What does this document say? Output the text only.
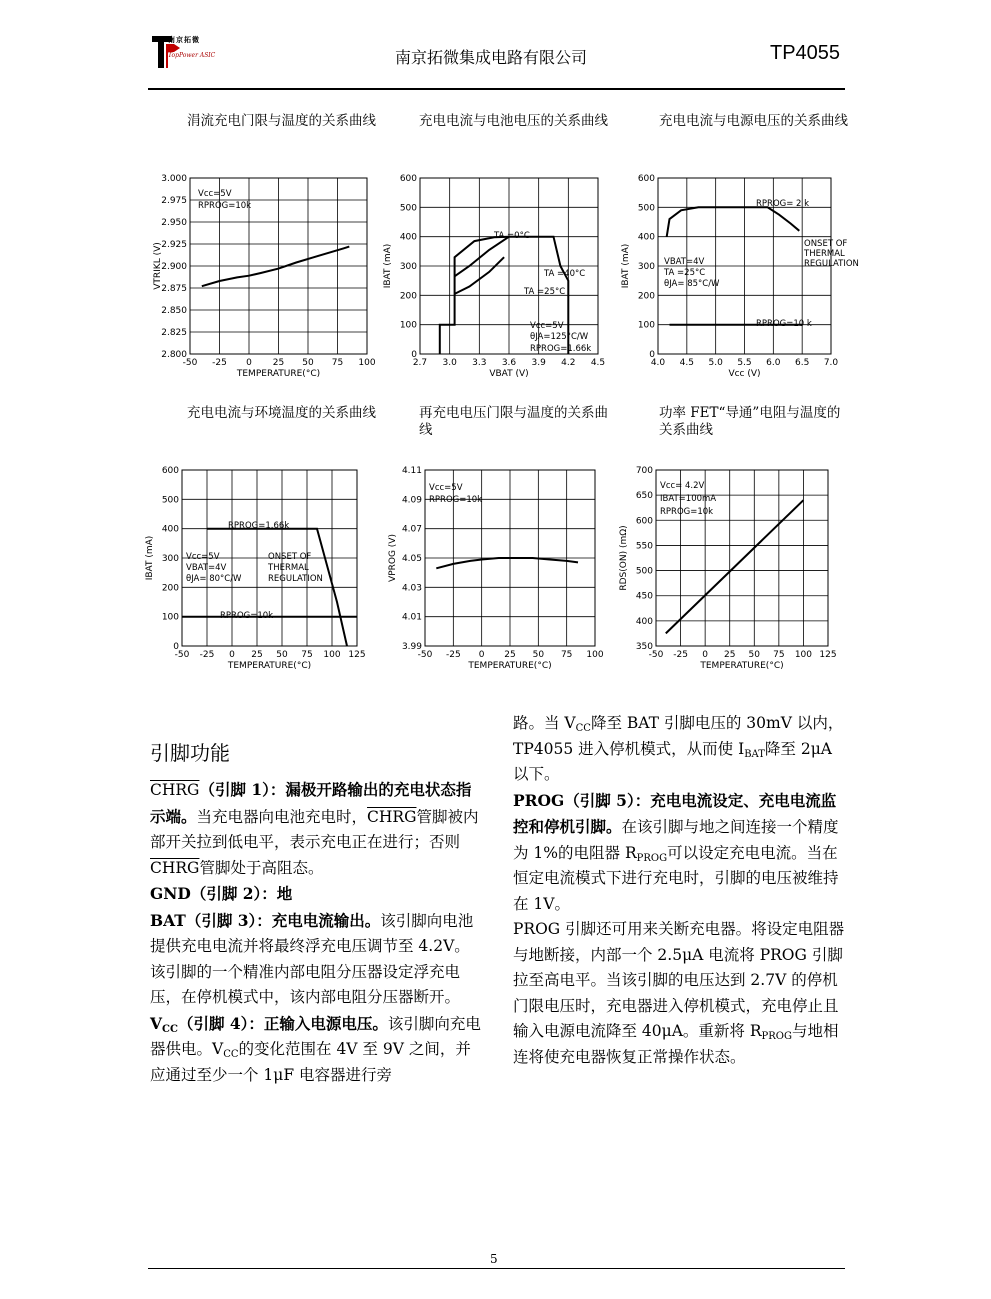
南京拓微
TopPower ASIC	南京拓微集成电路有限公司	TP4055
涓流充电门限与温度的关系曲线	充电电流与电池电压的关系曲线	充电电流与电源电压的关系曲线
充电电流与环境温度的关系曲线	再充电电压门限与温度的关系曲线
功率 FET“导通”电阻与温度的关系曲线
-50 -25 0 25 50 75 100
2.800
2.825
2.850
2.875
2.900
2.925
2.950
2.975
3.000
TEMPERATURE(°C)
VTRIKL (V)
Vcc=5V
RPROG=10k
2.7 3.0 3.3 3.6 3.9 4.2 4.5
0
100
200
300
400
500
600
VBAT (V)
IBAT (mA)
TA =0°C
TA =40°C
TA =25°C
Vcc=5V
θJA=125°C/W
RPROG=1.66k
4.0 4.5 5.0 5.5 6.0 6.5 7.0
0
100
200
300
400
500
600
Vcc (V)
IBAT (mA)
RPROG= 2 k
VBAT=4V
TA =25°C
θJA= 85°C/W
ONSET OF
THERMAL
REGULATION
RPROG=10 k
-50 -25 0 25 50 75 100 125
0
100
200
300
400
500
600
TEMPERATURE(°C)
IBAT (mA)
RPROG=1.66k
Vcc=5V
VBAT=4V
θJA= 80°C/W
ONSET OF
THERMAL
REGULATION
RPROG=10k
-50 -25 0 25 50 75 100
3.99
4.01
4.03
4.05
4.07
4.09
4.11
TEMPERATURE(°C)
VPROG (V)
Vcc=5V
RPROG=10k
-50 -25 0 25 50 75 100 125
350
400
450
500
550
600
650
700
TEMPERATURE(°C)
RDS(ON) (mΩ)
Vcc= 4.2V
IBAT=100mA
RPROG=10k
引脚功能

CHRG（引脚 1）：漏极开路输出的充电状态指示端。当充电器向电池充电时，CHRG管脚被内部开关拉到低电平，表示充电正在进行；否则CHRG管脚处于高阻态。

GND（引脚 2）：地

BAT（引脚 3）：充电电流输出。该引脚向电池提供充电电流并将最终浮充电压调节至 4.2V。该引脚的一个精准内部电阻分压器设定浮充电压，在停机模式中，该内部电阻分压器断开。

$V_{CC}$（引脚 4）：正输入电源电压。该引脚向充电器供电。$V_{CC}$的变化范围在 4V 至 9V 之间，并应通过至少一个 1μF 电容器进行旁

路。当 $V_{CC}$降至 BAT 引脚电压的 30mV 以内，TP4055 进入停机模式，从而使 $I_{BAT}$降至 2μA 以下。

PROG（引脚 5）：充电电流设定、充电电流监控和停机引脚。在该引脚与地之间连接一个精度为 1%的电阻器 $R_{PROG}$可以设定充电电流。当在恒定电流模式下进行充电时，引脚的电压被维持在 1V。

PROG 引脚还可用来关断充电器。将设定电阻器与地断接，内部一个 2.5μA 电流将 PROG 引脚拉至高电平。当该引脚的电压达到 2.7V 的停机门限电压时，充电器进入停机模式，充电停止且输入电源电流降至 40μA。重新将 $R_{PROG}$与地相连将使充电器恢复正常操作状态。

5
